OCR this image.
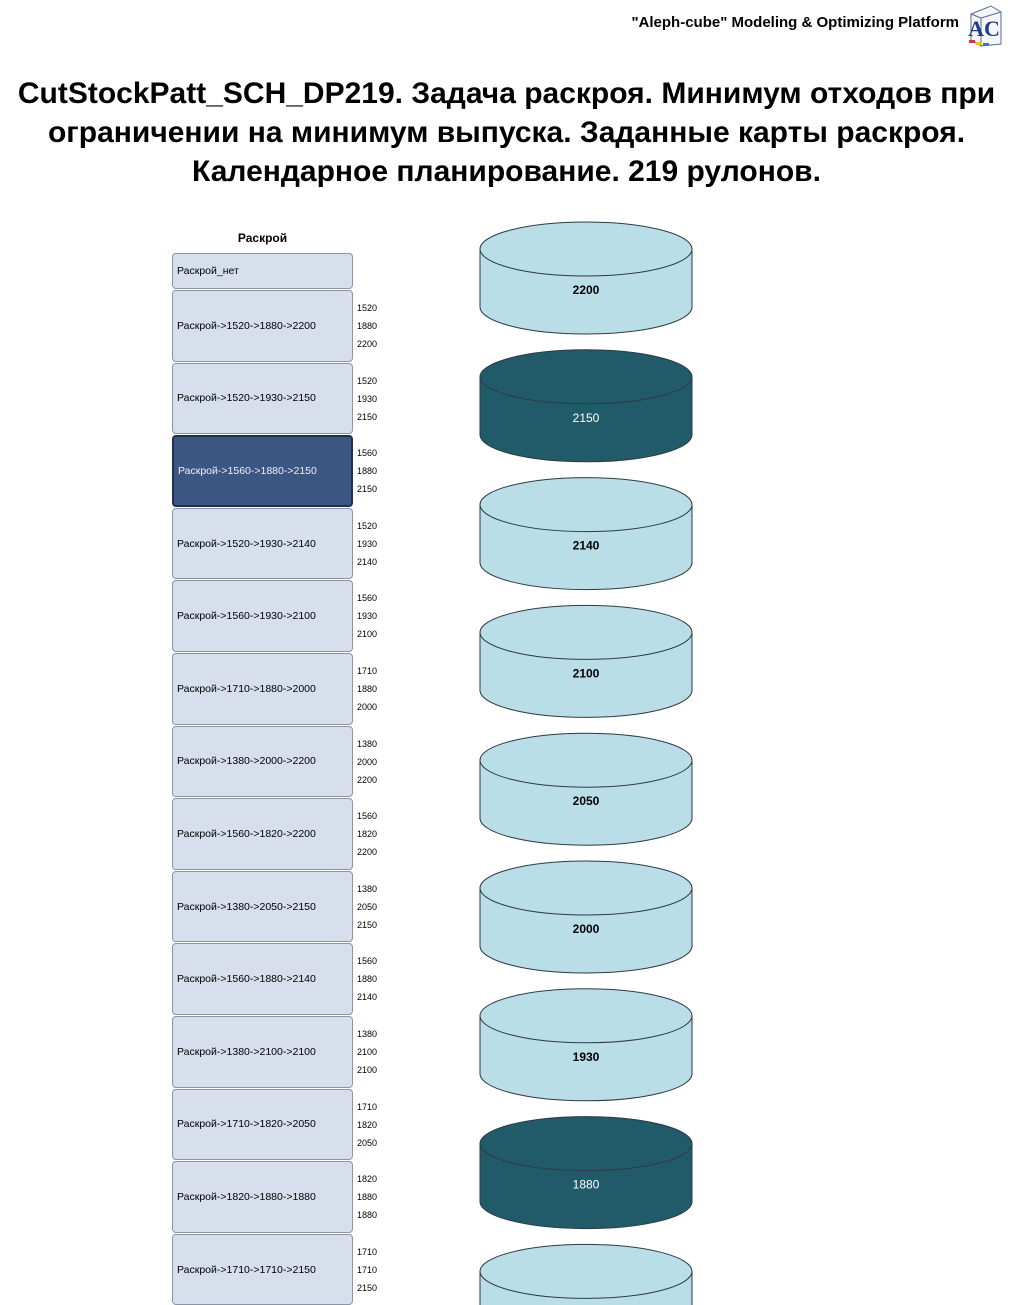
"Aleph-cube" Modeling & Optimizing Platform AC
CutStockPatt_SCH_DP219. Задача раскроя. Минимум отходов при ограничении на минимум выпуска. Заданные карты раскроя. Календарное планирование. 219 рулонов.
Раскрой
Раскрой_нет
Раскрой->1520->1880->2200
1520
1880
2200
Раскрой->1520->1930->2150
1520
1930
2150
Раскрой->1560->1880->2150
1560
1880
2150
Раскрой->1520->1930->2140
1520
1930
2140
Раскрой->1560->1930->2100
1560
1930
2100
Раскрой->1710->1880->2000
1710
1880
2000
Раскрой->1380->2000->2200
1380
2000
2200
Раскрой->1560->1820->2200
1560
1820
2200
Раскрой->1380->2050->2150
1380
2050
2150
Раскрой->1560->1880->2140
1560
1880
2140
Раскрой->1380->2100->2100
1380
2100
2100
Раскрой->1710->1820->2050
1710
1820
2050
Раскрой->1820->1880->1880
1820
1880
1880
Раскрой->1710->1710->2150
1710
1710
2150
2200
2150
2140
2100
2050
2000
1930
1880
